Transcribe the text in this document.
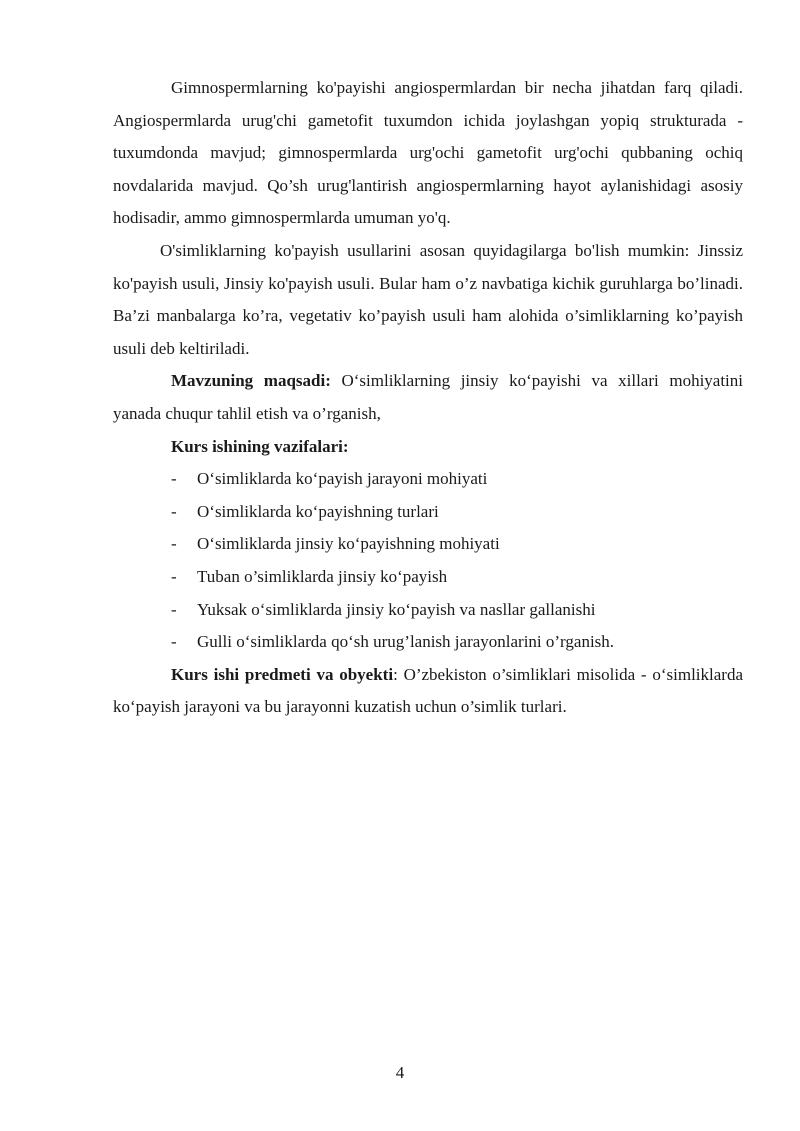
Gimnospermlarning ko'payishi angiospermlardan bir necha jihatdan farq qiladi. Angiospermlarda urug'chi gametofit tuxumdon ichida joylashgan yopiq strukturada - tuxumdonda mavjud; gimnospermlarda urg'ochi gametofit urg'ochi qubbaning ochiq novdalarida mavjud. Qo’sh urug'lantirish angiospermlarning hayot aylanishidagi asosiy hodisadir, ammo gimnospermlarda umuman yo'q.

O'simliklarning ko'payish usullarini asosan quyidagilarga bo'lish mumkin: Jinssiz ko'payish usuli, Jinsiy ko'payish usuli. Bular ham o’z navbatiga kichik guruhlarga bo’linadi. Ba’zi manbalarga ko’ra, vegetativ ko’payish usuli ham alohida o’simliklarning ko’payish usuli deb keltiriladi.

Mavzuning maqsadi: O‘simliklarning jinsiy ko‘payishi va xillari mohiyatini yanada chuqur tahlil etish va o’rganish,

Kurs ishining vazifalari:

- O‘simliklarda ko‘payish jarayoni mohiyati
- O‘simliklarda ko‘payishning turlari
- O‘simliklarda jinsiy ko‘payishning mohiyati
- Tuban o’simliklarda jinsiy ko‘payish
- Yuksak o‘simliklarda jinsiy ko‘payish va nasllar gallanishi
- Gulli o‘simliklarda qo‘sh urug’lanish jarayonlarini o’rganish.

Kurs ishi predmeti va obyekti: O’zbekiston o’simliklari misolida - o‘simliklarda ko‘payish jarayoni va bu jarayonni kuzatish uchun o’simlik turlari.

4
